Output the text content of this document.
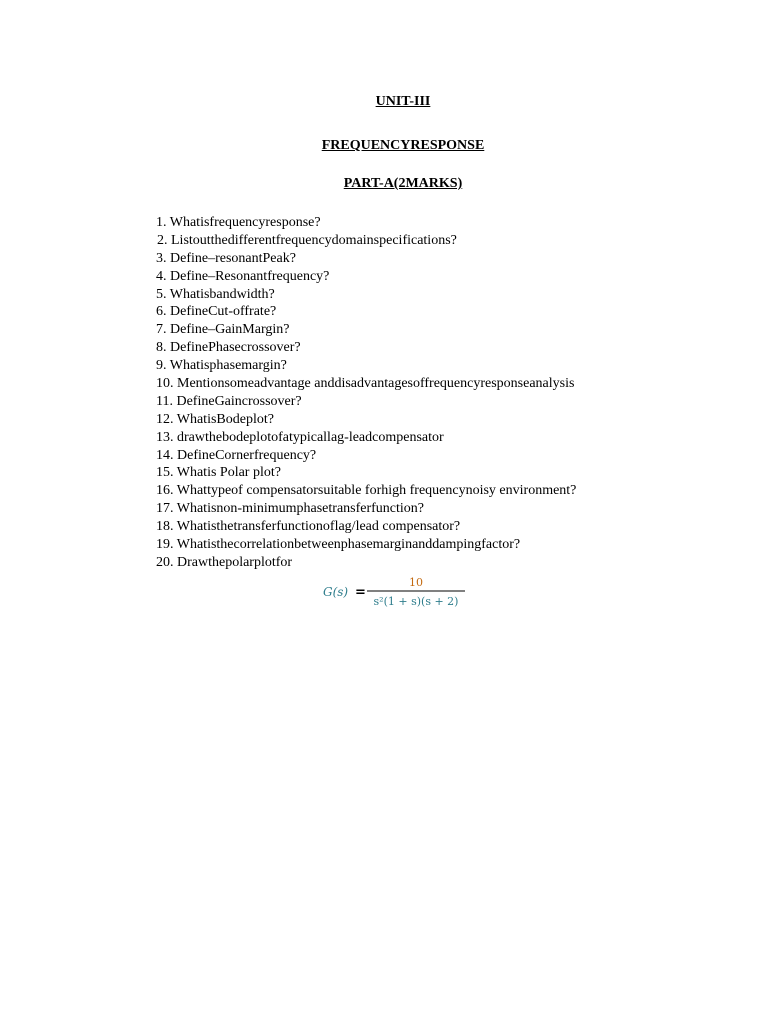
UNIT-III
FREQUENCYRESPONSE
PART-A(2MARKS)
1. Whatisfrequencyresponse?
2. Listoutthedifferentfrequencydomainspecifications?
3. Define–resonantPeak?
4. Define–Resonantfrequency?
5. Whatisbandwidth?
6. DefineCut-offrate?
7. Define–GainMargin?
8. DefinePhasecrossover?
9. Whatisphasemargin?
10. Mentionsomeadvantage anddisadvantagesoffrequencyresponseanalysis
11. DefineGaincrossover?
12. WhatisBodeplot?
13. drawthebodeplotofatypicallag-leadcompensator
14. DefineCornerfrequency?
15. Whatis Polar plot?
16. Whattypeof compensatorsuitable forhigh frequencynoisy environment?
17. Whatisnon-minimumphasetransferfunction?
18. Whatisthetransferfunctionoflag/lead compensator?
19. Whatisthecorrelationbetweenphasemarginanddampingfactor?
20. Drawthepolarplotfor
G(s) =
10
s²(1 + s)(s + 2)
